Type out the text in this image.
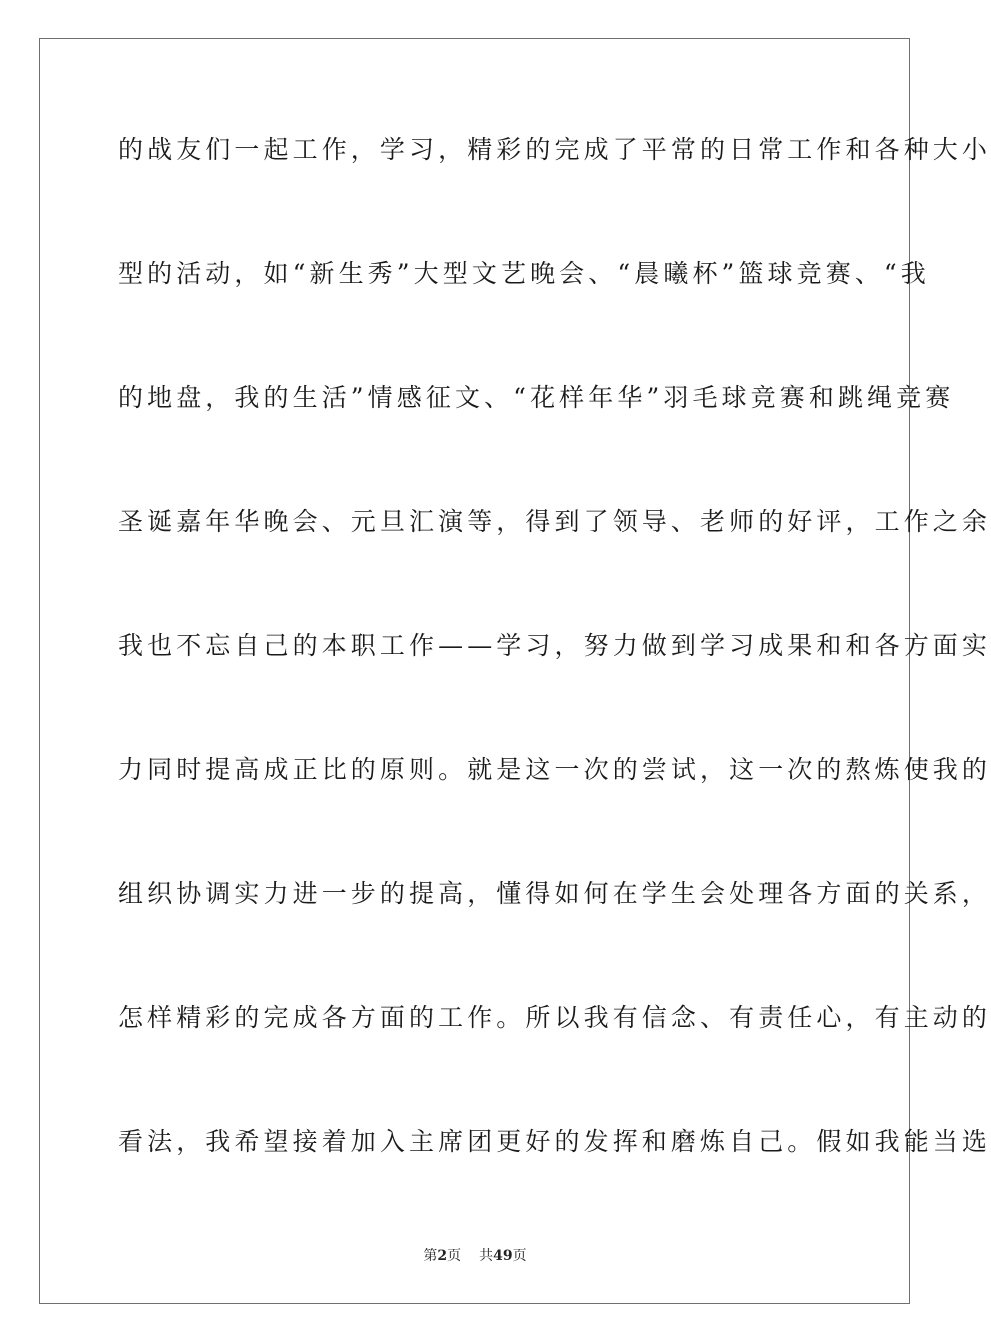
的战友们一起工作，学习，精彩的完成了平常的日常工作和各种大小
型的活动，如“新生秀”大型文艺晚会、“晨曦杯”篮球竞赛、“我
的地盘，我的生活”情感征文、“花样年华”羽毛球竞赛和跳绳竞赛
圣诞嘉年华晚会、元旦汇演等，得到了领导、老师的好评，工作之余
我也不忘自己的本职工作——学习，努力做到学习成果和和各方面实
力同时提高成正比的原则。就是这一次的尝试，这一次的熬炼使我的
组织协调实力进一步的提高，懂得如何在学生会处理各方面的关系，
怎样精彩的完成各方面的工作。所以我有信念、有责任心，有主动的
看法，我希望接着加入主席团更好的发挥和磨炼自己。假如我能当选
第2页 共49页
